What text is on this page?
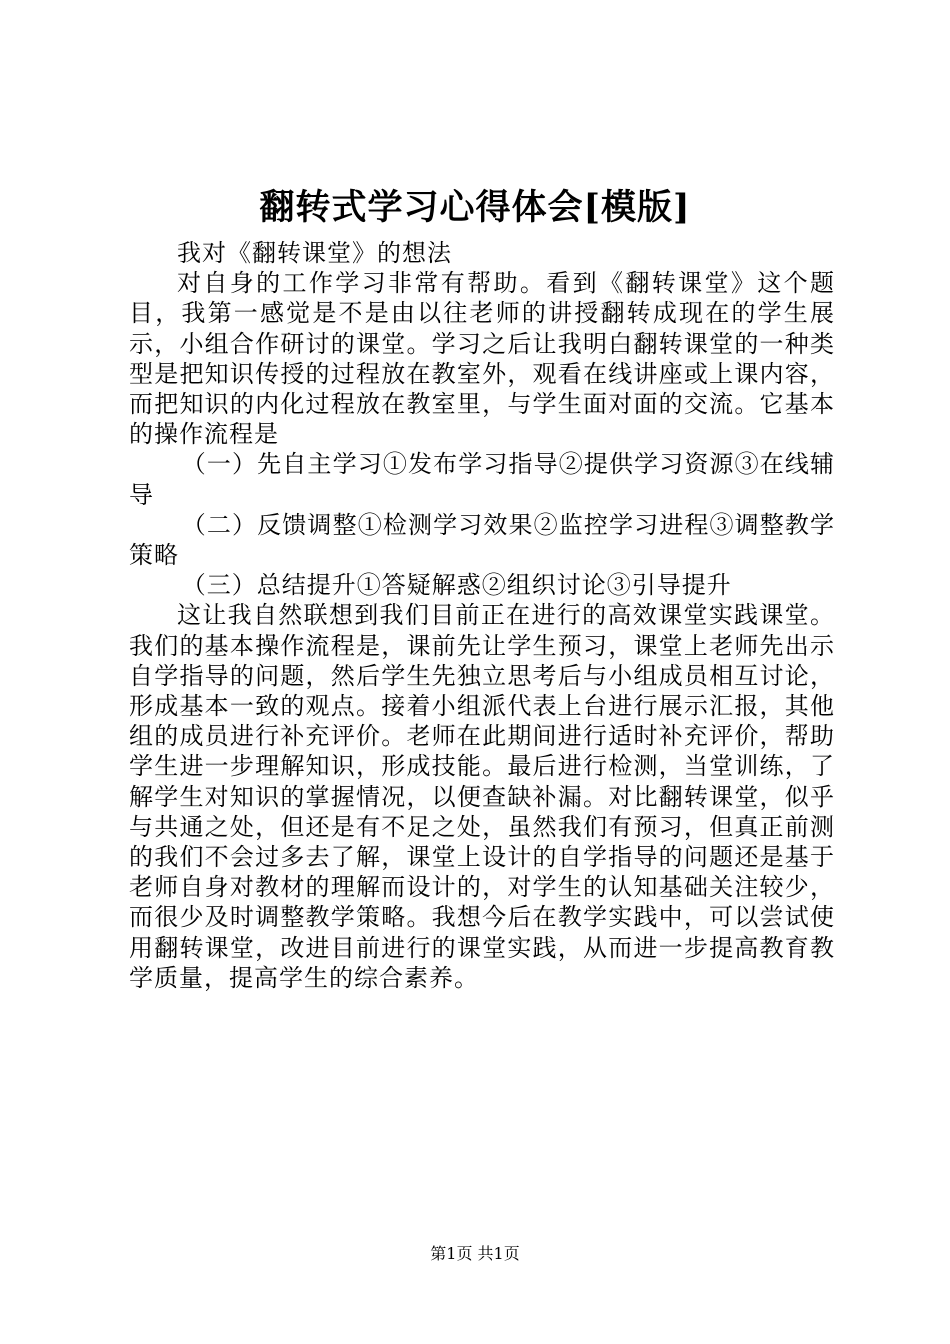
翻转式学习心得体会[模版]

我对《翻转课堂》的想法

对自身的工作学习非常有帮助。看到《翻转课堂》这个题目，我第一感觉是不是由以往老师的讲授翻转成现在的学生展示，小组合作研讨的课堂。学习之后让我明白翻转课堂的一种类型是把知识传授的过程放在教室外，观看在线讲座或上课内容，而把知识的内化过程放在教室里，与学生面对面的交流。它基本的操作流程是

（一）先自主学习①发布学习指导②提供学习资源③在线辅导

（二）反馈调整①检测学习效果②监控学习进程③调整教学策略

（三）总结提升①答疑解惑②组织讨论③引导提升

这让我自然联想到我们目前正在进行的高效课堂实践课堂。我们的基本操作流程是，课前先让学生预习，课堂上老师先出示自学指导的问题，然后学生先独立思考后与小组成员相互讨论，形成基本一致的观点。接着小组派代表上台进行展示汇报，其他组的成员进行补充评价。老师在此期间进行适时补充评价，帮助学生进一步理解知识，形成技能。最后进行检测，当堂训练，了解学生对知识的掌握情况，以便查缺补漏。对比翻转课堂，似乎与共通之处，但还是有不足之处，虽然我们有预习，但真正前测的我们不会过多去了解，课堂上设计的自学指导的问题还是基于老师自身对教材的理解而设计的，对学生的认知基础关注较少，而很少及时调整教学策略。我想今后在教学实践中，可以尝试使用翻转课堂，改进目前进行的课堂实践，从而进一步提高教育教学质量，提高学生的综合素养。

第1页 共1页
